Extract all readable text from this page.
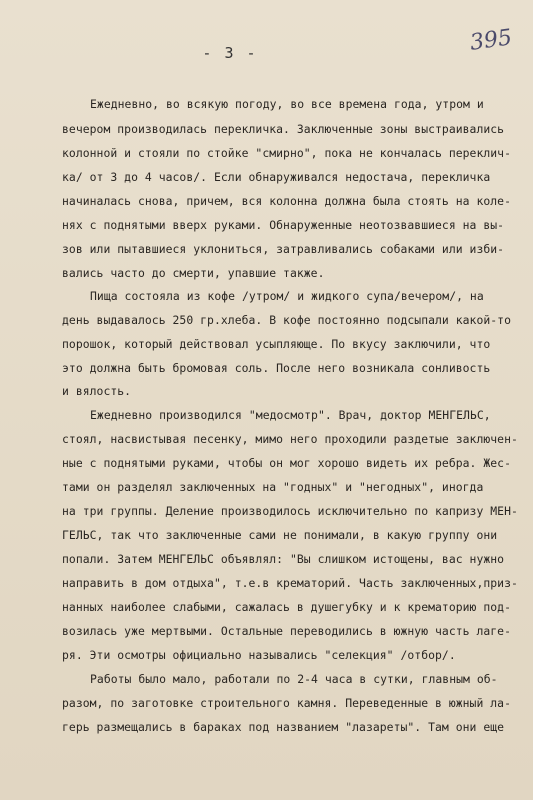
- 3 -	395
Ежедневно, во всякую погоду, во все времена года, утром и
вечером производилась перекличка. Заключенные зоны выстраивались
колонной и стояли по стойке "смирно", пока не кончалась переклич-
ка/ от 3 до 4 часов/. Если обнаруживался недостача, перекличка
начиналась снова, причем, вся колонна должна была стоять на коле-
нях с поднятыми вверх руками. Обнаруженные неотозвавшиеся на вы-
зов или пытавшиеся уклониться, затравливались собаками или изби-
вались часто до смерти, упавшие также.
Пища состояла из кофе /утром/ и жидкого супа/вечером/, на
день выдавалось 250 гр.хлеба. В кофе постоянно подсыпали какой-то
порошок, который действовал усыпляюще. По вкусу заключили, что
это должна быть бромовая соль. После него возникала сонливость
и вялость.
Ежедневно производился "медосмотр". Врач, доктор МЕНГЕЛЬС,
стоял, насвистывая песенку, мимо него проходили раздетые заключен-
ные с поднятыми руками, чтобы он мог хорошо видеть их ребра. Жес-
тами он разделял заключенных на "годных" и "негодных", иногда
на три группы. Деление производилось исключительно по капризу МЕН-
ГЕЛЬС, так что заключенные сами не понимали, в какую группу они
попали. Затем МЕНГЕЛЬС объявлял: "Вы слишком истощены, вас нужно
направить в дом отдыха", т.е.в крематорий. Часть заключенных,приз-
нанных наиболее слабыми, сажалась в душегубку и к крематорию под-
возилась уже мертвыми. Остальные переводились в южную часть лаге-
ря. Эти осмотры официально назывались "селекция" /отбор/.
Работы было мало, работали по 2-4 часа в сутки, главным об-
разом, по заготовке строительного камня. Переведенные в южный ла-
герь размещались в бараках под названием "лазареты". Там они еще
